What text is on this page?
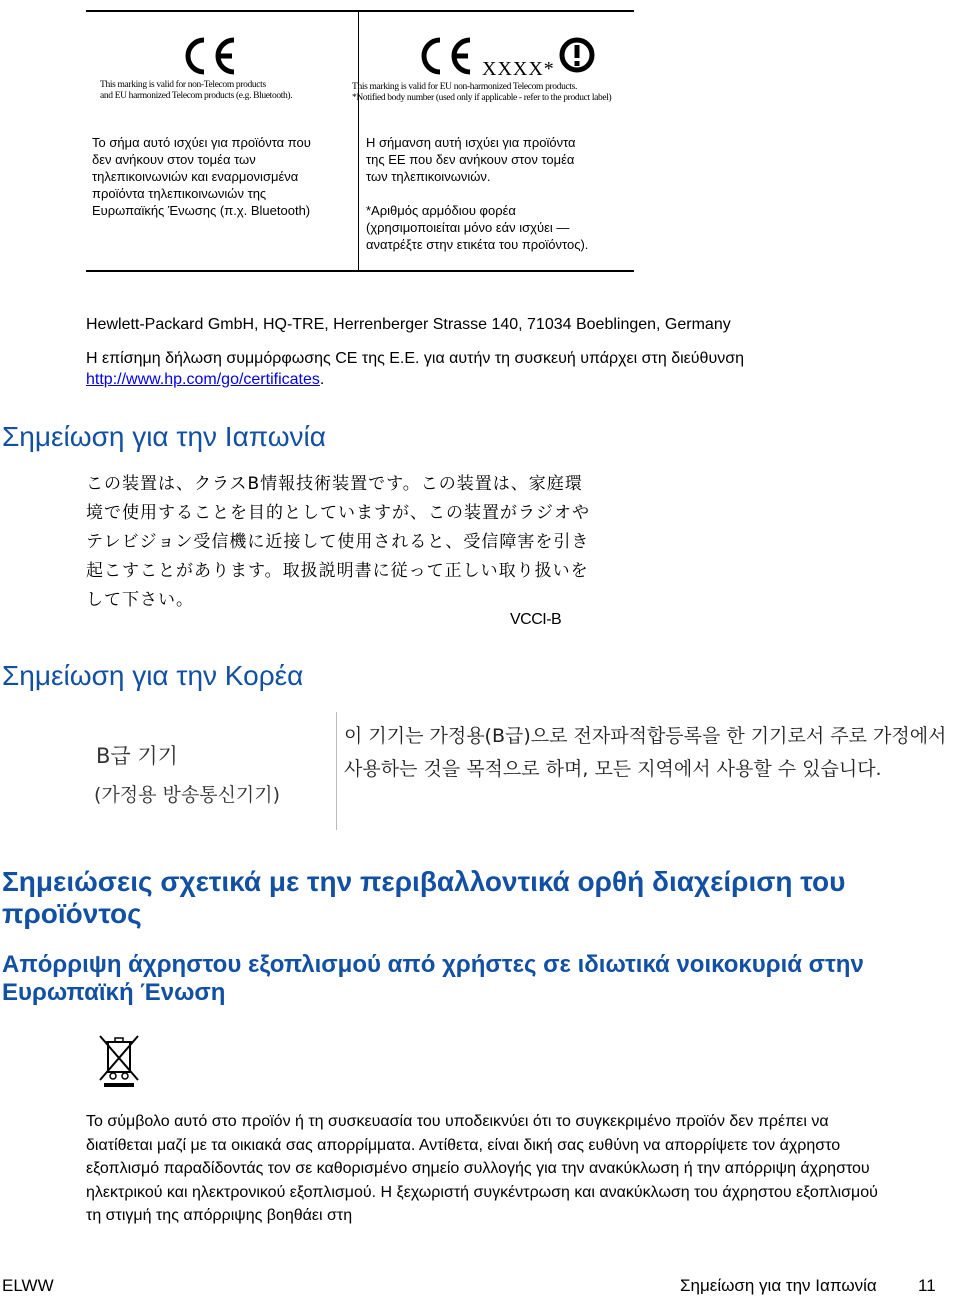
This marking is valid for non-Telecom products
and EU harmonized Telecom products (e.g. Bluetooth).
XXXX*
This marking is valid for EU non-harmonized Telecom products.
*Notified body number (used only if applicable - refer to the product label)
Το σήμα αυτό ισχύει για προϊόντα που
δεν ανήκουν στον τομέα των
τηλεπικοινωνιών και εναρμονισμένα
προϊόντα τηλεπικοινωνιών της
Ευρωπαϊκής Ένωσης (π.χ. Bluetooth)
Η σήμανση αυτή ισχύει για προϊόντα
της ΕΕ που δεν ανήκουν στον τομέα
των τηλεπικοινωνιών.
*Αριθμός αρμόδιου φορέα
(χρησιμοποιείται μόνο εάν ισχύει —
ανατρέξτε στην ετικέτα του προϊόντος).
Hewlett-Packard GmbH, HQ-TRE, Herrenberger Strasse 140, 71034 Boeblingen, Germany
Η επίσημη δήλωση συμμόρφωσης CE της Ε.Ε. για αυτήν τη συσκευή υπάρχει στη διεύθυνση http://www.hp.com/go/certificates.
Σημείωση για την Ιαπωνία
この装置は、クラスB情報技術装置です。この装置は、家庭環
境で使用することを目的としていますが、この装置がラジオや
テレビジョン受信機に近接して使用されると、受信障害を引き
起こすことがあります。取扱説明書に従って正しい取り扱いを
して下さい。
VCCI-B
Σημείωση για την Κορέα
B급 기기
(가정용 방송통신기기)
이 기기는 가정용(B급)으로 전자파적합등록을 한 기기로서 주로 가정에서 사용하는 것을 목적으로 하며, 모든 지역에서 사용할 수 있습니다.
Σημειώσεις σχετικά με την περιβαλλοντικά ορθή διαχείριση του προϊόντος
Απόρριψη άχρηστου εξοπλισμού από χρήστες σε ιδιωτικά νοικοκυριά στην Ευρωπαϊκή Ένωση
Το σύμβολο αυτό στο προϊόν ή τη συσκευασία του υποδεικνύει ότι το συγκεκριμένο προϊόν δεν πρέπει να διατίθεται μαζί με τα οικιακά σας απορρίμματα. Αντίθετα, είναι δική σας ευθύνη να απορρίψετε τον άχρηστο εξοπλισμό παραδίδοντάς τον σε καθορισμένο σημείο συλλογής για την ανακύκλωση ή την απόρριψη άχρηστου ηλεκτρικού και ηλεκτρονικού εξοπλισμού. Η ξεχωριστή συγκέντρωση και ανακύκλωση του άχρηστου εξοπλισμού τη στιγμή της απόρριψης βοηθάει στη
ELWW	Σημείωση για την Ιαπωνία 11
